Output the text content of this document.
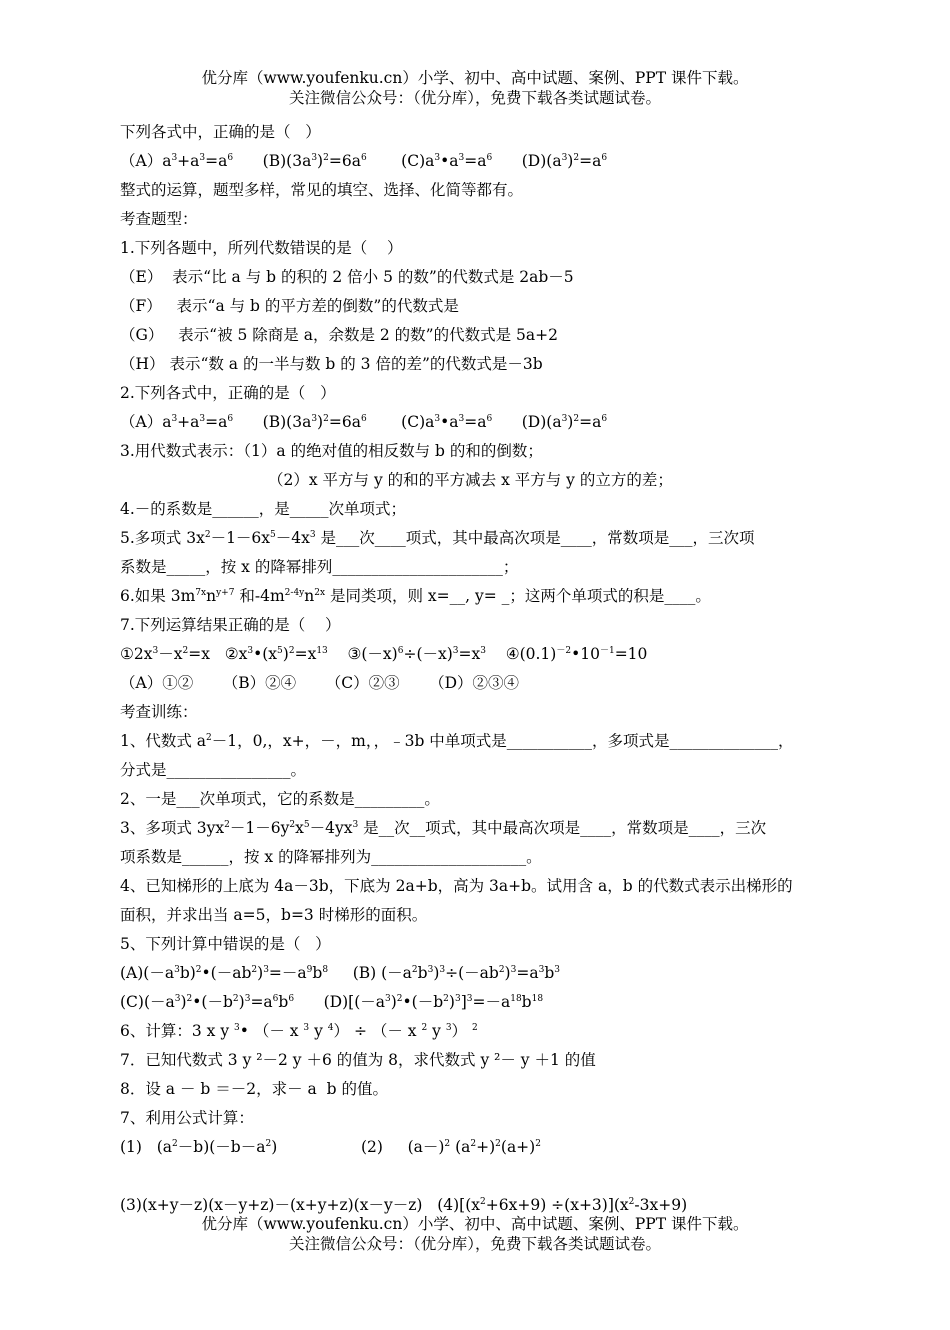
优分库（www.youfenku.cn）小学、初中、高中试题、案例、PPT 课件下载。
关注微信公众号：（优分库），免费下载各类试题试卷。
下列各式中，正确的是（   ）
$(A)a^3+a^3=a^6$      $(B)(3a^3)^2=6a^6$       $(C)a^3•a^3=a^6$      $(D)(a^3)^2=a^6$
整式的运算，题型多样，常见的填空、选择、化简等都有。
考查题型：
1.下列各题中，所列代数错误的是（    ）
（E）  表示“比 a 与 b 的积的 2 倍小 5 的数”的代数式是 2ab－5
（F）   表示“a 与 b 的平方差的倒数”的代数式是
（G）   表示“被 5 除商是 a，余数是 2 的数”的代数式是 5a+2
（H） 表示“数 a 的一半与数 b 的 3 倍的差”的代数式是－3b
2.下列各式中，正确的是（   ）
$(A)a^3+a^3=a^6$      $(B)(3a^3)^2=6a^6$       $(C)a^3•a^3=a^6$      $(D)(a^3)^2=a^6$
3.用代数式表示：（1）a 的绝对值的相反数与 b 的和的倒数；
（2）x 平方与 y 的和的平方减去 x 平方与 y 的立方的差；
4.－的系数是______，是_____次单项式；
5.多项式 $3x^2-1-6x^5-4x^3$ 是___次____项式，其中最高次项是____，常数项是___，三次项
系数是_____，按 x 的降幂排列______________________；
6.如果 $3m^{7x}n^{y+7}$ 和$-4m^{2-4y}n^{2x}$ 是同类项，则 x=__, y= _；这两个单项式的积是____。
7.下列运算结果正确的是（    ）
$①2x^3-x^2=x$   $②x^3•(x^5)^2=x^{13}$    $③(-x)^6\div(-x)^3=x^3$    $④(0.1)^{-2}•10^{-1}=10$
（A）①②      （B）②④      （C）②③      （D）②③④
考查训练：
1、代数式 $a^2-1$，0,，x+，－，m，，﹣3b 中单项式是___________，多项式是______________，
分式是________________。
2、一是___次单项式，它的系数是_________。
3、多项式 $3yx^2-1-6y^2x^5-4yx^3$ 是__次__项式，其中最高次项是____，常数项是____，三次
项系数是______，按 x 的降幂排列为____________________。
4、已知梯形的上底为 4a－3b，下底为 2a+b，高为 3a+b。试用含 a，b 的代数式表示出梯形的
面积，并求出当 a=5，b=3 时梯形的面积。
5、下列计算中错误的是（   ）
$(A)(-a^3b)^2•(-ab^2)^3=-a^9b^8$     (B) $(-a^2b^3)^3\div(-ab^2)^3=a^3b^3$
$(C)(-a^3)^2•(-b^2)^3=a^6b^6$      $(D)[(-a^3)^2•(-b^2)^3]^3=-a^{18}b^{18}$
6、计算：3 x y $^3$• （－ x $^3$ y $^4$） ÷ （－ x $^2$ y $^3$） $^2$
7．已知代数式 3 y ²－2 y ＋6 的值为 8，求代数式 y ²－ y ＋1 的值
8．设 a － b ＝－2，求－ a  b 的值。
7、利用公式计算：
(1)   $(a^2-b)(-b-a^2)$                 (2)     $(a-)^2$ $(a^2+)^2(a+)^2$
(3)(x+y－z)(x－y+z)－(x+y+z)(x－y－z)   $(4)[(x^2+6x+9) \div(x+3)](x^2-3x+9)$
优分库（www.youfenku.cn）小学、初中、高中试题、案例、PPT 课件下载。
关注微信公众号：（优分库），免费下载各类试题试卷。
